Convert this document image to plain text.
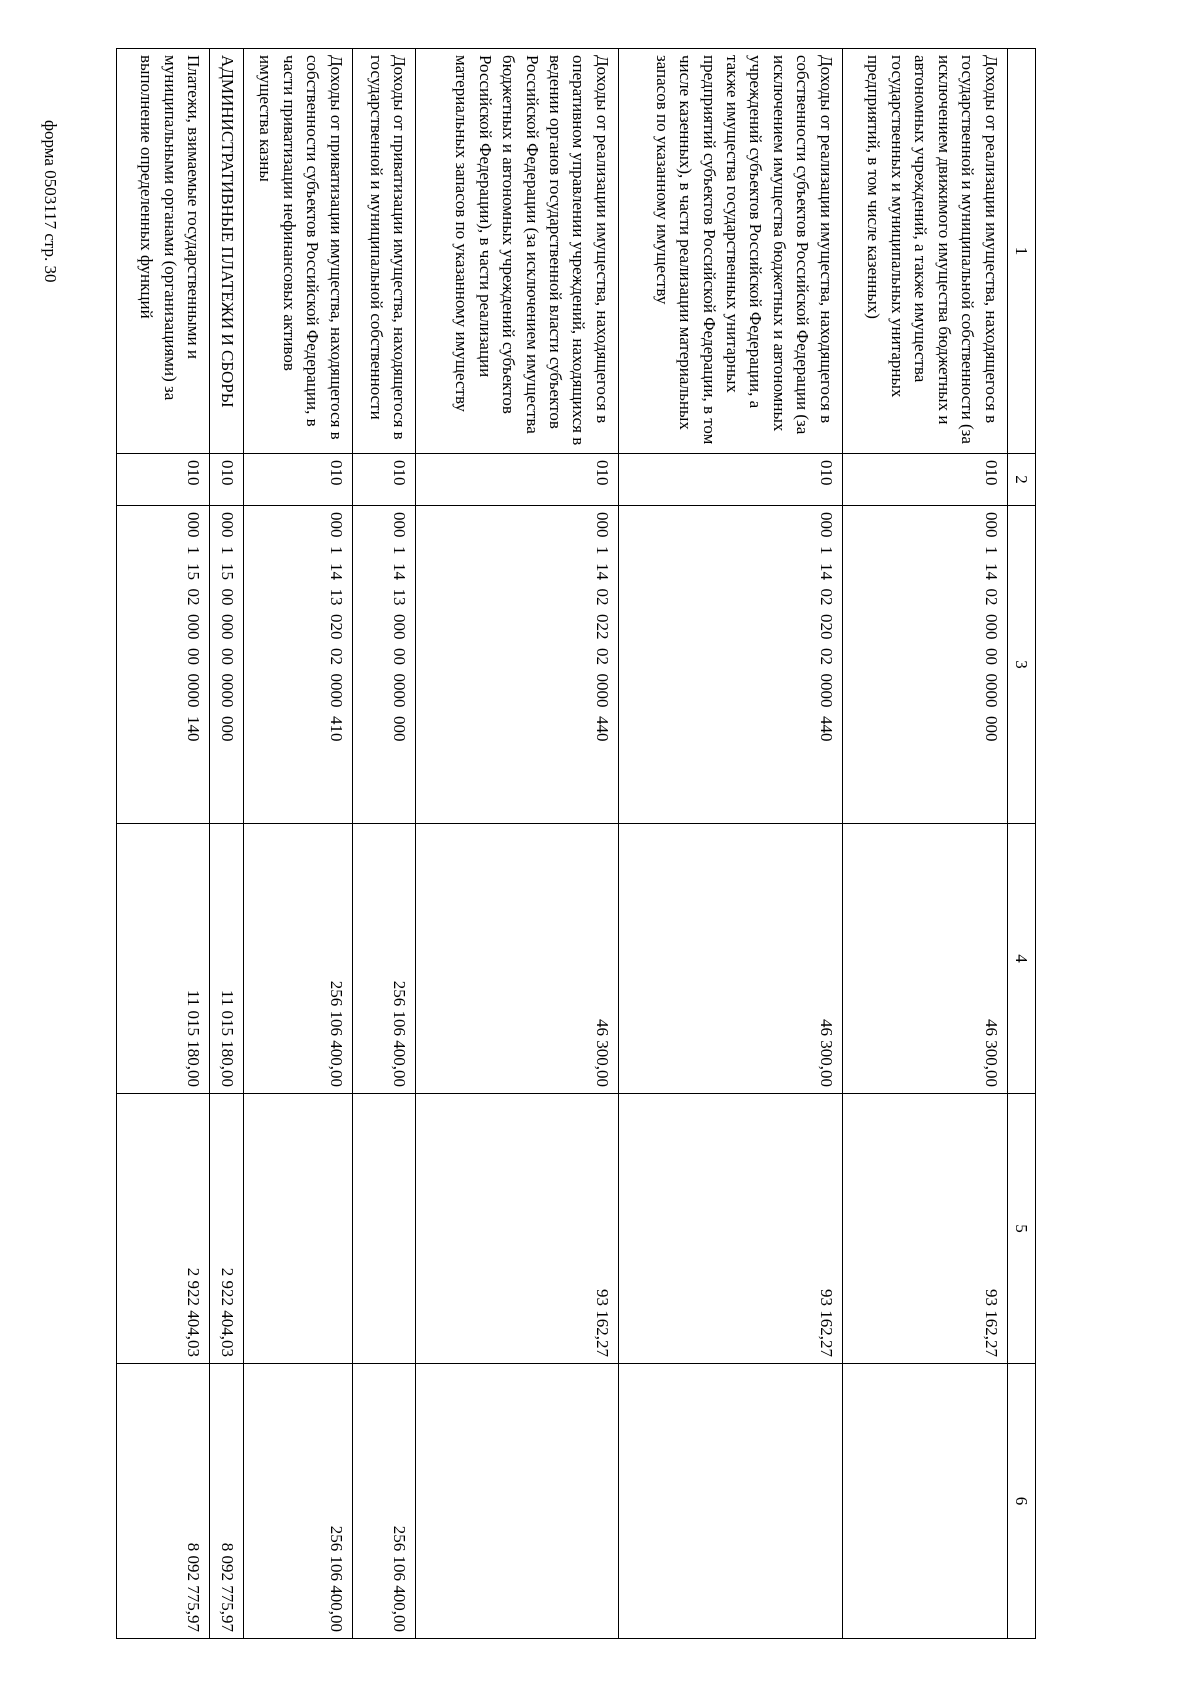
форма 0503117 стр. 30	1	2	3	4	5	6
Доходы от реализации имущества, находящегося в государственной и муниципальной собственности (за исключением движимого имущества бюджетных и автономных учреждений, а также имущества государственных и муниципальных унитарных предприятий, в том числе казенных)	010	000  1  14  02  000  00  0000  000	46 300,00	93 162,27	
Доходы от реализации имущества, находящегося в собственности субъектов Российской Федерации (за исключением имущества бюджетных и автономных учреждений субъектов Российской Федерации, а также имущества государственных унитарных предприятий субъектов Российской Федерации, в том числе казенных), в части реализации материальных запасов по указанному имуществу	010	000  1  14  02  020  02  0000  440	46 300,00	93 162,27	
Доходы от реализации имущества, находящегося в оперативном управлении учреждений, находящихся в ведении органов государственной власти субъектов Российской Федерации (за исключением имущества бюджетных и автономных учреждений субъектов Российской Федерации), в части реализации материальных запасов по указанному имуществу	010	000  1  14  02  022  02  0000  440	46 300,00	93 162,27	
Доходы от приватизации имущества, находящегося в государственной и муниципальной собственности	010	000  1  14  13  000  00  0000  000	256 106 400,00		256 106 400,00
Доходы от приватизации имущества, находящегося в собственности субъектов Российской Федерации, в части приватизации нефинансовых активов имущества казны	010	000  1  14  13  020  02  0000  410	256 106 400,00		256 106 400,00
АДМИНИСТРАТИВНЫЕ ПЛАТЕЖИ И СБОРЫ	010	000  1  15  00  000  00  0000  000	11 015 180,00	2 922 404,03	8 092 775,97
Платежи, взимаемые государственными и муниципальными органами (организациями) за выполнение определенных функций	010	000  1  15  02  000  00  0000  140	11 015 180,00	2 922 404,03	8 092 775,97
